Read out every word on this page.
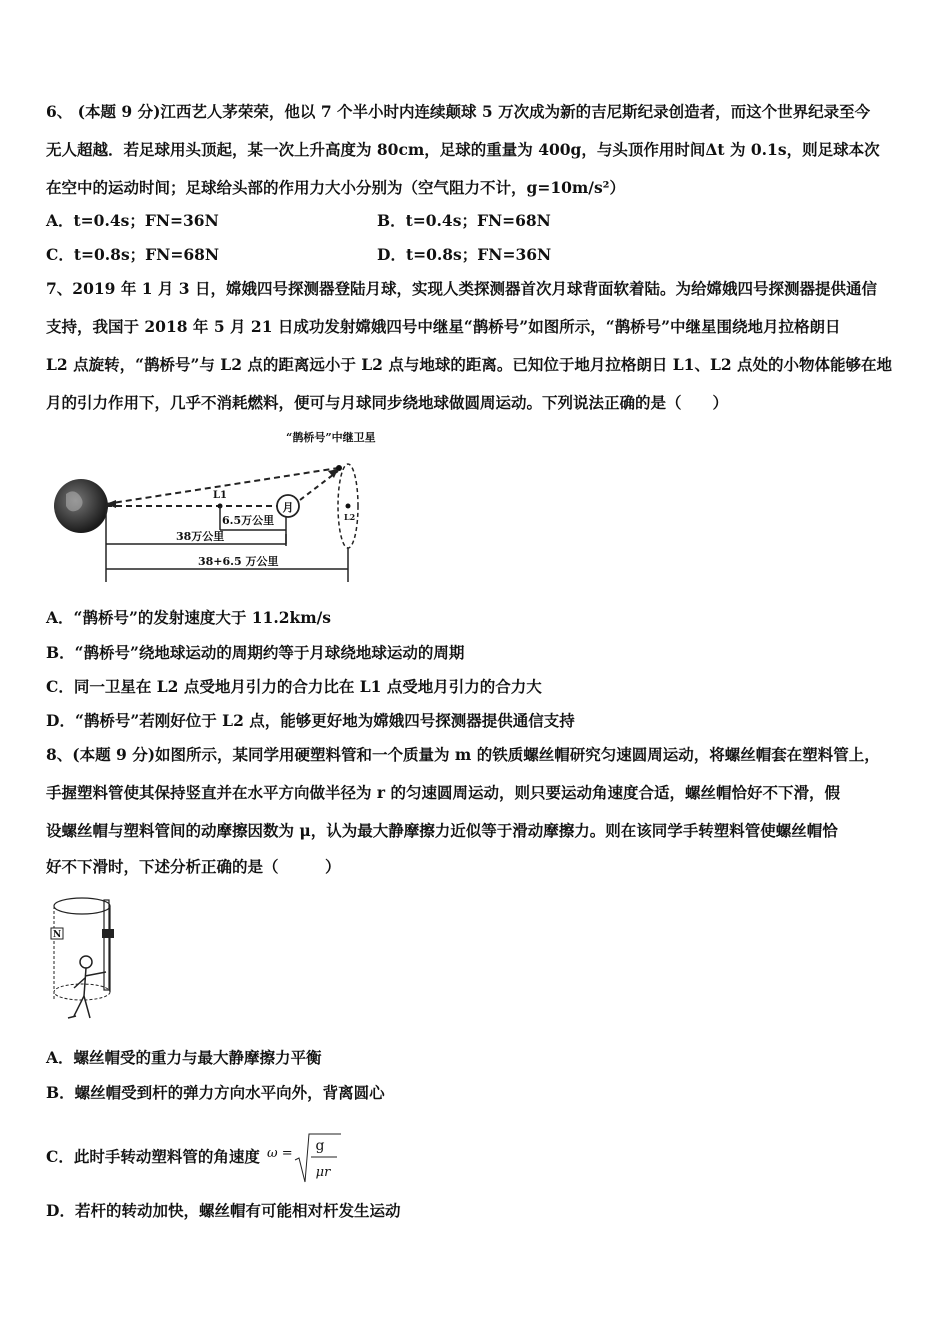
6、 (本题 9 分)江西艺人茅荣荣，他以 7 个半小时内连续颠球 5 万次成为新的吉尼斯纪录创造者，而这个世界纪录至今
无人超越．若足球用头顶起，某一次上升高度为 80cm，足球的重量为 400g，与头顶作用时间Δt 为 0.1s，则足球本次
在空中的运动时间；足球给头部的作用力大小分别为（空气阻力不计，g=10m/s²）
A．t=0.4s；FN=36N	B．t=0.4s；FN=68N
C．t=0.8s；FN=68N	D．t=0.8s；FN=36N
7、2019 年 1 月 3 日，嫦娥四号探测器登陆月球，实现人类探测器首次月球背面软着陆。为给嫦娥四号探测器提供通信
支持，我国于 2018 年 5 月 21 日成功发射嫦娥四号中继星“鹊桥号”如图所示，“鹊桥号”中继星围绕地月拉格朗日
L2 点旋转，“鹊桥号”与 L2 点的距离远小于 L2 点与地球的距离。已知位于地月拉格朗日 L1、L2 点处的小物体能够在地
月的引力作用下，几乎不消耗燃料，便可与月球同步绕地球做圆周运动。下列说法正确的是（　　）
月
L1
6.5万公里	L2
“鹊桥号”中继卫星
38万公里
38+6.5 万公里
A．“鹊桥号”的发射速度大于 11.2km/s
B．“鹊桥号”绕地球运动的周期约等于月球绕地球运动的周期
C．同一卫星在 L2 点受地月引力的合力比在 L1 点受地月引力的合力大
D．“鹊桥号”若刚好位于 L2 点，能够更好地为嫦娥四号探测器提供通信支持
8、(本题 9 分)如图所示，某同学用硬塑料管和一个质量为 m 的铁质螺丝帽研究匀速圆周运动，将螺丝帽套在塑料管上，
手握塑料管使其保持竖直并在水平方向做半径为 r 的匀速圆周运动，则只要运动角速度合适，螺丝帽恰好不下滑，假
设螺丝帽与塑料管间的动摩擦因数为 μ，认为最大静摩擦力近似等于滑动摩擦力。则在该同学手转塑料管使螺丝帽恰
好不下滑时，下述分析正确的是（　　　）
N
A．螺丝帽受的重力与最大静摩擦力平衡
B．螺丝帽受到杆的弹力方向水平向外，背离圆心
C．此时手转动塑料管的角速度 ω = g
μr
D．若杆的转动加快，螺丝帽有可能相对杆发生运动
